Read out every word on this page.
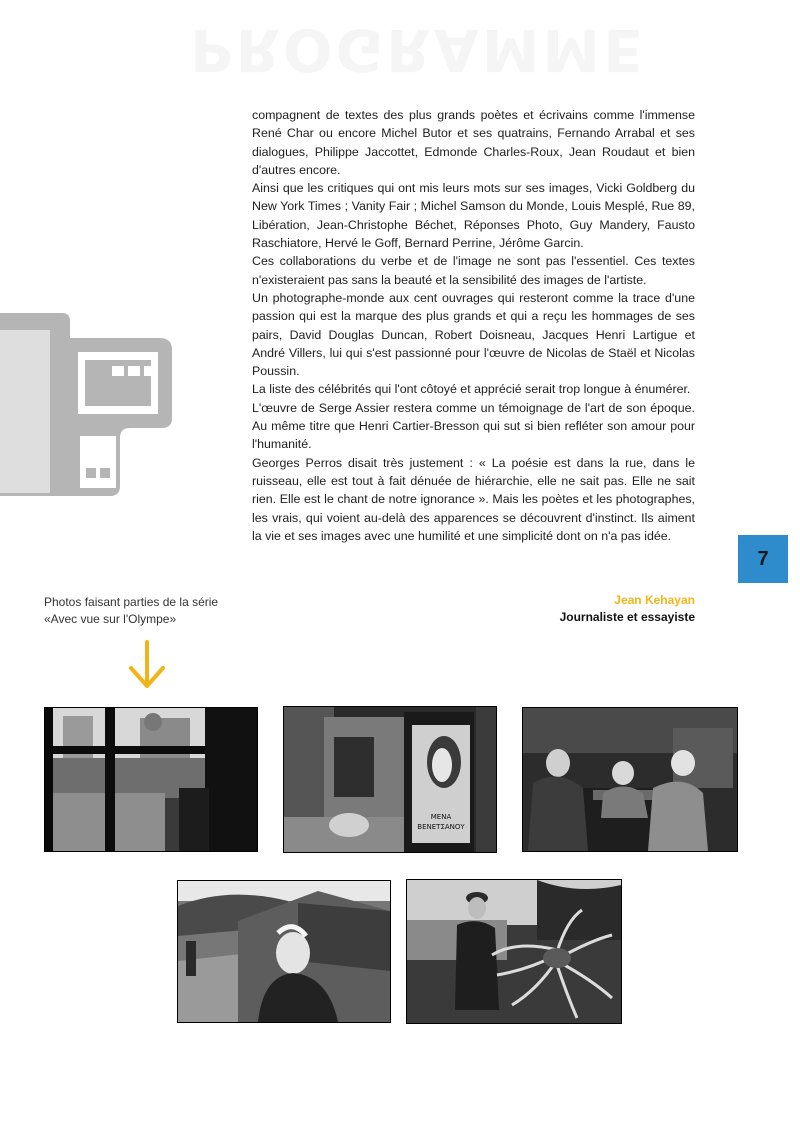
compagnent de textes des plus grands poètes et écrivains comme l'immense René Char ou encore Michel Butor et ses quatrains, Fernando Arrabal et ses dialogues, Philippe Jaccottet, Edmonde Charles-Roux, Jean Roudaut et bien d'autres encore.

Ainsi que les critiques qui ont mis leurs mots sur ses images, Vicki Goldberg du New York Times ; Vanity Fair ; Michel Samson du Monde, Louis Mesplé, Rue 89, Libération, Jean-Christophe Béchet, Réponses Photo, Guy Mandery, Fausto Raschiatore, Hervé le Goff, Bernard Perrine, Jérôme Garcin.

Ces collaborations du verbe et de l'image ne sont pas l'essentiel. Ces textes n'existeraient pas sans la beauté et la sensibilité des images de l'artiste.

Un photographe-monde aux cent ouvrages qui resteront comme la trace d'une passion qui est la marque des plus grands et qui a reçu les hommages de ses pairs, David Douglas Duncan, Robert Doisneau, Jacques Henri Lartigue et André Villers, lui qui s'est passionné pour l'œuvre de Nicolas de Staël et Nicolas Poussin.

La liste des célébrités qui l'ont côtoyé et apprécié serait trop longue à énumérer.

L'œuvre de Serge Assier restera comme un témoignage de l'art de son époque. Au même titre que Henri Cartier-Bresson qui sut si bien refléter son amour pour l'humanité.

Georges Perros disait très justement : « La poésie est dans la rue, dans le ruisseau, elle est tout à fait dénuée de hiérarchie, elle ne sait pas. Elle ne sait rien. Elle est le chant de notre ignorance ». Mais les poètes et les photographes, les vrais, qui voient au-delà des apparences se découvrent d'instinct. Ils aiment la vie et ses images avec une humilité et une simplicité dont on n'a pas idée.

Jean Kehayan
Journaliste et essayiste
7
Photos faisant parties de la série
«Avec vue sur l'Olympe»
ΜΕΝΑ
ΒΕΝΕΤΣΑΝΟΥ
